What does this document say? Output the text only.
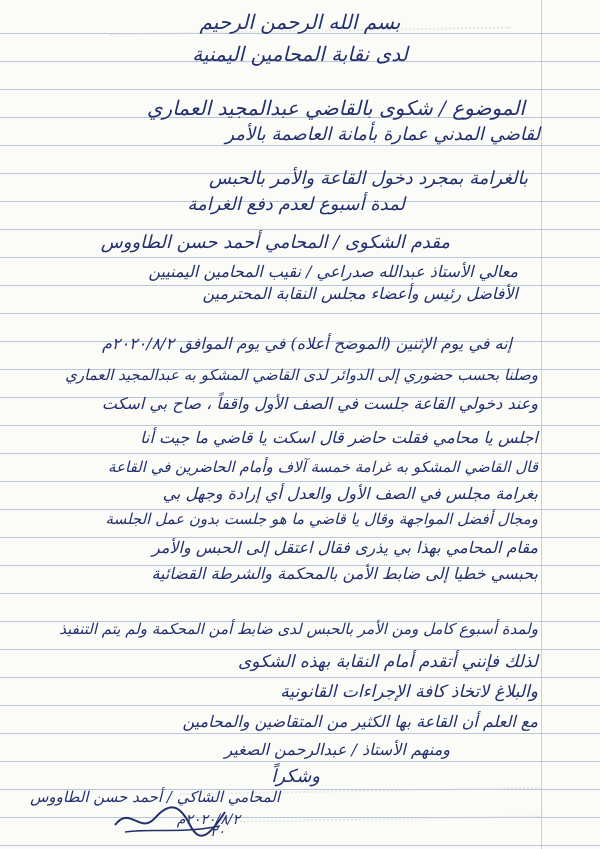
بسم الله الرحمن الرحيم
لدى نقابة المحامين اليمنية
الموضوع / شكوى بالقاضي عبدالمجيد العماري
لقاضي المدني عمارة بأمانة العاصمة بالأمر
بالغرامة بمجرد دخول القاعة والأمر بالحبس
لمدة أسبوع لعدم دفع الغرامة
مقدم الشكوى / المحامي أحمد حسن الطاووس
معالي الأستاذ عبدالله صدراعي / نقيب المحامين اليمنيين
الأفاضل رئيس وأعضاء مجلس النقابة المحترمين
إنه في يوم الإثنين (الموضح أعلاه) في يوم الموافق ٢٠٢٠/٨/٢م
وصلنا بحسب حضوري إلى الدوائر لدى القاضي المشكو به عبدالمجيد العماري
وعند دخولي القاعة جلست في الصف الأول واقفاً ، صاح بي اسكت
اجلس يا محامي فقلت حاضر قال اسكت يا قاضي ما جيت أنا
قال القاضي المشكو به غرامة خمسة آلاف وأمام الحاضرين في القاعة
بغرامة مجلس في الصف الأول والعدل أي إرادة وجهل بي
ومجال أفضل المواجهة وقال يا قاضي ما هو جلست بدون عمل الجلسة
مقام المحامي بهذا بي يذرى فقال اعتقل إلى الحبس والأمر
بحبسي خطيا إلى ضابط الأمن بالمحكمة والشرطة القضائية
ولمدة أسبوع كامل ومن الأمر بالحبس لدى ضابط أمن المحكمة ولم يتم التنفيذ
لذلك فإنني أتقدم أمام النقابة بهذه الشكوى
والبلاغ لاتخاذ كافة الإجراءات القانونية
مع العلم أن القاعة بها الكثير من المتقاضين والمحامين
ومنهم الأستاذ / عبدالرحمن الصغير
وشكراً
المحامي الشاكي / أحمد حسن الطاووس
٢٠٢٠/٨/٢م
٢٠
